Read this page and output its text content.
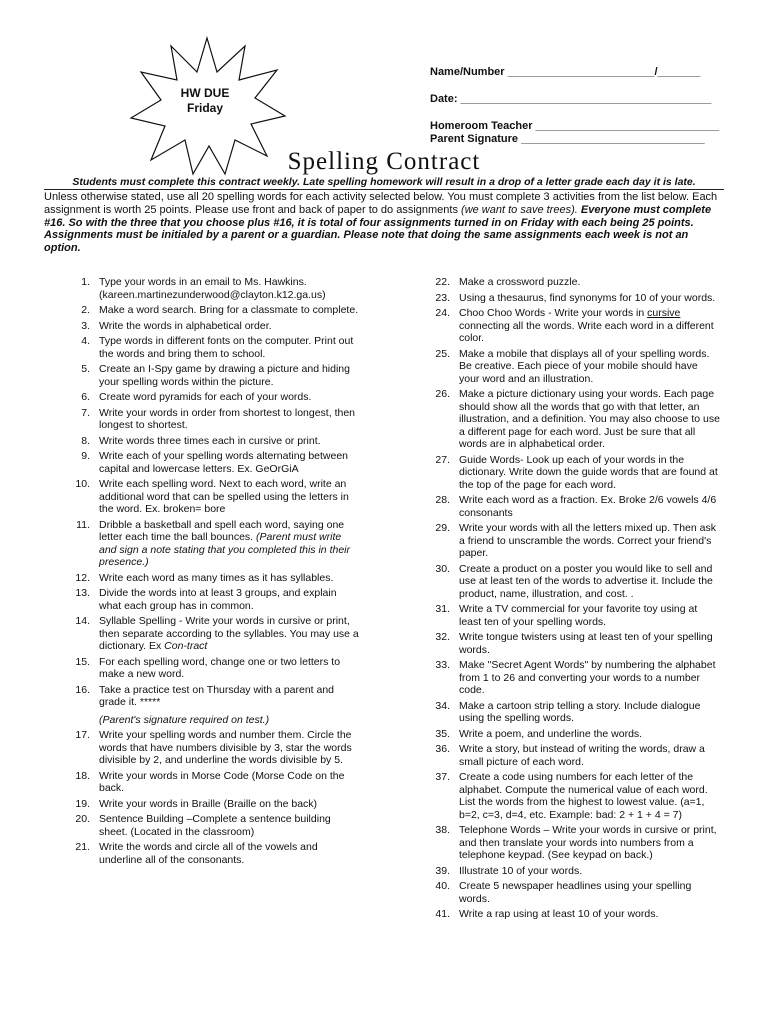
HW DUE
Friday
Name/Number ________________________/_______
Date: _________________________________________
Homeroom Teacher ______________________________
Parent Signature ______________________________
Spelling Contract
Students must complete this contract weekly. Late spelling homework will result in a drop of a letter grade each day it is late.
Unless otherwise stated, use all 20 spelling words for each activity selected below. You must complete 3 activities from the list below. Each assignment is worth 25 points. Please use front and back of paper to do assignments (we want to save trees). Everyone must complete #16. So with the three that you choose plus #16, it is total of four assignments turned in on Friday with each being 25 points. Assignments must be initialed by a parent or a guardian. Please note that doing the same assignments each week is not an option.
1. Type your words in an email to Ms. Hawkins. (kareen.martinezunderwood@clayton.k12.ga.us)
2. Make a word search. Bring for a classmate to complete.
3. Write the words in alphabetical order.
4. Type words in different fonts on the computer. Print out the words and bring them to school.
5. Create an I-Spy game by drawing a picture and hiding your spelling words within the picture.
6. Create word pyramids for each of your words.
7. Write your words in order from shortest to longest, then longest to shortest.
8. Write words three times each in cursive or print.
9. Write each of your spelling words alternating between capital and lowercase letters. Ex. GeOrGiA
10. Write each spelling word. Next to each word, write an additional word that can be spelled using the letters in the word. Ex. broken= bore
11. Dribble a basketball and spell each word, saying one letter each time the ball bounces. (Parent must write and sign a note stating that you completed this in their presence.)
12. Write each word as many times as it has syllables.
13. Divide the words into at least 3 groups, and explain what each group has in common.
14. Syllable Spelling - Write your words in cursive or print, then separate according to the syllables. You may use a dictionary. Ex Con-tract
15. For each spelling word, change one or two letters to make a new word.
16. Take a practice test on Thursday with a parent and grade it. *****
(Parent's signature required on test.)
17. Write your spelling words and number them. Circle the words that have numbers divisible by 3, star the words divisible by 2, and underline the words divisible by 5.
18. Write your words in Morse Code (Morse Code on the back.
19. Write your words in Braille (Braille on the back)
20. Sentence Building –Complete a sentence building sheet. (Located in the classroom)
21. Write the words and circle all of the vowels and underline all of the consonants.
22. Make a crossword puzzle.
23. Using a thesaurus, find synonyms for 10 of your words.
24. Choo Choo Words - Write your words in cursive connecting all the words. Write each word in a different color.
25. Make a mobile that displays all of your spelling words. Be creative. Each piece of your mobile should have your word and an illustration.
26. Make a picture dictionary using your words. Each page should show all the words that go with that letter, an illustration, and a definition. You may also choose to use a different page for each word. Just be sure that all words are in alphabetical order.
27. Guide Words- Look up each of your words in the dictionary. Write down the guide words that are found at the top of the page for each word.
28. Write each word as a fraction. Ex. Broke 2/6 vowels 4/6 consonants
29. Write your words with all the letters mixed up. Then ask a friend to unscramble the words. Correct your friend's paper.
30. Create a product on a poster you would like to sell and use at least ten of the words to advertise it. Include the product, name, illustration, and cost. .
31. Write a TV commercial for your favorite toy using at least ten of your spelling words.
32. Write tongue twisters using at least ten of your spelling words.
33. Make "Secret Agent Words" by numbering the alphabet from 1 to 26 and converting your words to a number code.
34. Make a cartoon strip telling a story. Include dialogue using the spelling words.
35. Write a poem, and underline the words.
36. Write a story, but instead of writing the words, draw a small picture of each word.
37. Create a code using numbers for each letter of the alphabet. Compute the numerical value of each word. List the words from the highest to lowest value. (a=1, b=2, c=3, d=4, etc. Example: bad: 2 + 1 + 4 = 7)
38. Telephone Words – Write your words in cursive or print, and then translate your words into numbers from a telephone keypad. (See keypad on back.)
39. Illustrate 10 of your words.
40. Create 5 newspaper headlines using your spelling words.
41. Write a rap using at least 10 of your words.
